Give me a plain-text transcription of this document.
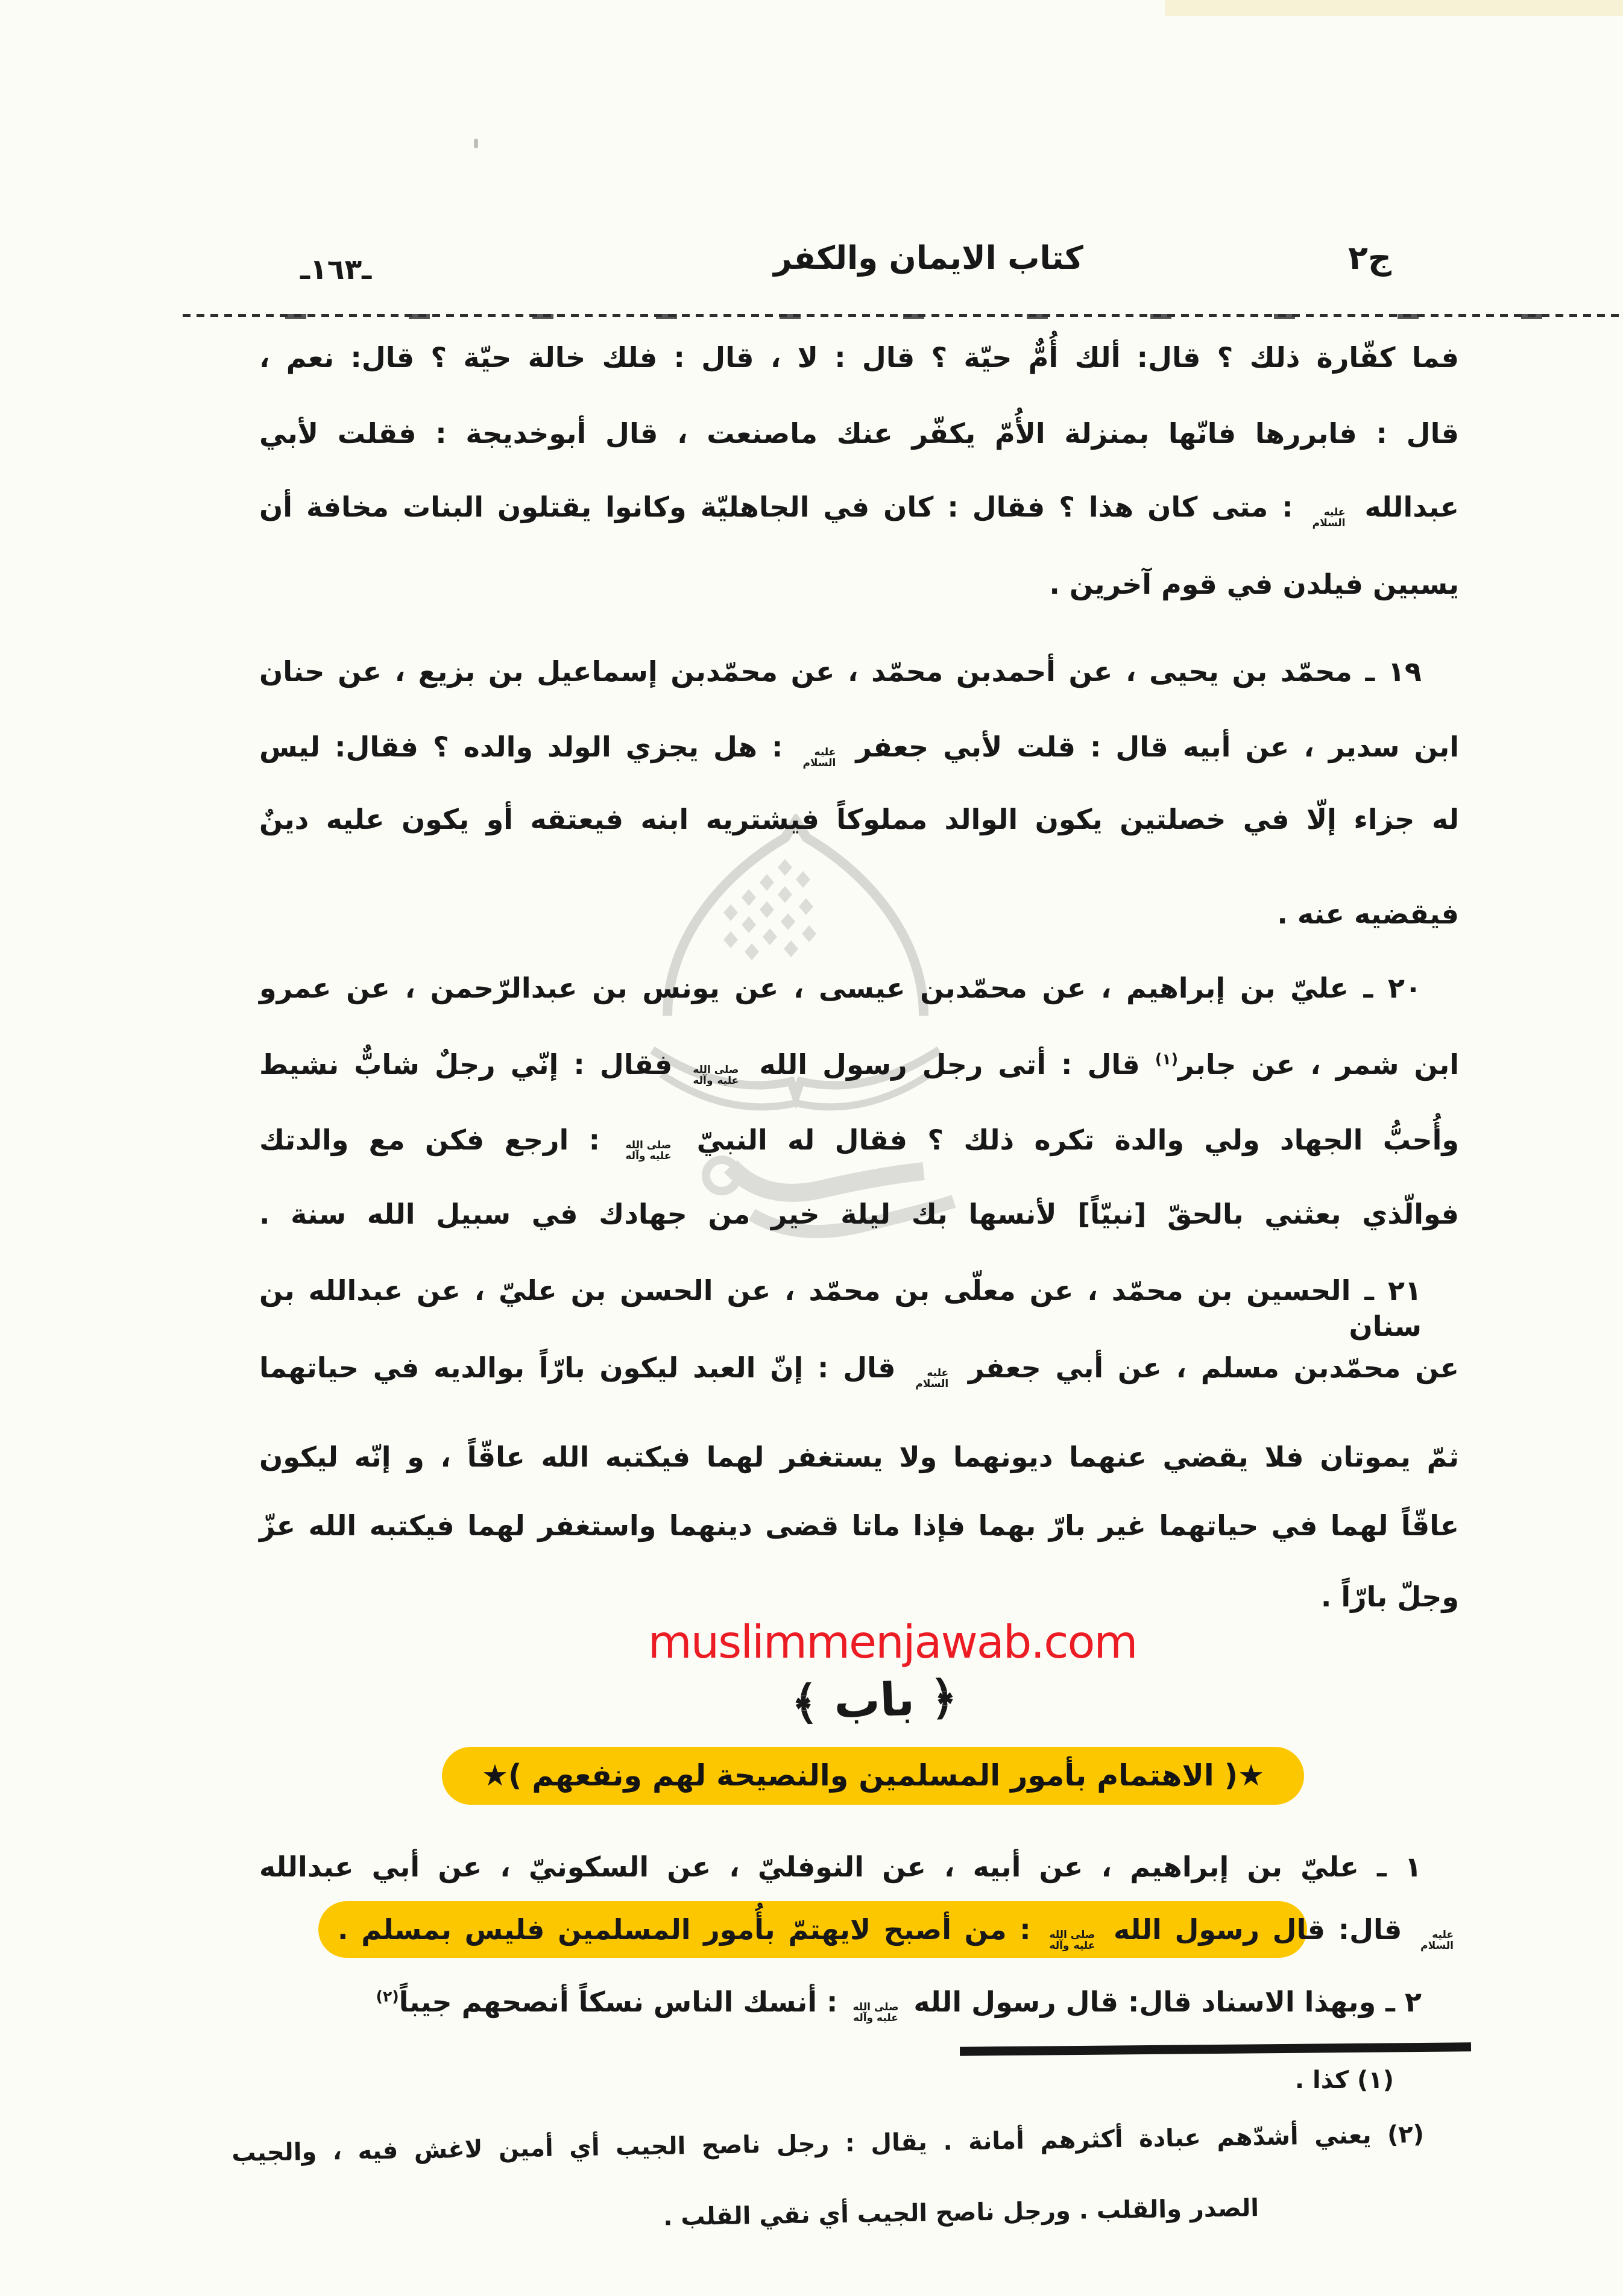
ج٢
كتاب الايمان والكفر
ـ١٦٣ـ
فما كفّارة ذلك ؟ قال: ألك أُمٌّ حيّة ؟ قال : لا ، قال : فلك خالة حيّة ؟ قال: نعم ،
قال : فابررها فانّها بمنزلة الأُمّ يكفّر عنك ماصنعت ، قال أبوخديجة : فقلت لأبي
عبدالله
عليه
السلام
: متى كان هذا ؟ فقال : كان في الجاهليّة وكانوا يقتلون البنات مخافة أن
يسبين فيلدن في قوم آخرين .
١٩ ـ محمّد بن يحيى ، عن أحمدبن محمّد ، عن محمّدبن إسماعيل بن بزيع ، عن حنان
ابن سدير ، عن أبيه قال : قلت لأبي جعفر
عليه
السلام
: هل يجزي الولد والده ؟ فقال: ليس
له جزاء إلّا في خصلتين يكون الوالد مملوكاً فيشتريه ابنه فيعتقه أو يكون عليه دينٌ
فيقضيه عنه .
٢٠ ـ عليّ بن إبراهيم ، عن محمّدبن عيسى ، عن يونس بن عبدالرّحمن ، عن عمرو
ابن شمر ، عن جابر$^{(١)}$ قال : أتى رجل رسول الله
صلى الله
عليه وآله
فقال : إنّي رجلٌ شابٌّ نشيط
وأُحبُّ الجهاد ولي والدة تكره ذلك ؟ فقال له النبيّ
صلى الله
عليه وآله
: ارجع فكن مع والدتك
فوالّذي بعثني بالحقّ [نبيّاً] لأنسها بك ليلة خير من جهادك في سبيل الله سنة .
٢١ ـ الحسين بن محمّد ، عن معلّى بن محمّد ، عن الحسن بن عليّ ، عن عبدالله بن سنان
عن محمّدبن مسلم ، عن أبي جعفر
عليه
السلام
قال : إنّ العبد ليكون بارّاً بوالديه في حياتهما
ثمّ يموتان فلا يقضي عنهما ديونهما ولا يستغفر لهما فيكتبه الله عاقّاً ، و إنّه ليكون
عاقّاً لهما في حياتهما غير بارّ بهما فإذا ماتا قضى دينهما واستغفر لهما فيكتبه الله عزّ
وجلّ بارّاً .
١ ـ عليّ بن إبراهيم ، عن أبيه ، عن النوفليّ ، عن السكونيّ ، عن أبي عبدالله
عليه
السلام
قال: قال رسول الله
صلى الله
عليه وآله
: من أصبح لايهتمّ بأُمور المسلمين فليس بمسلم .
٢ ـ وبهذا الاسناد قال: قال رسول الله
صلى الله
عليه وآله
: أنسك الناس نسكاً أنصحهم جيباً$^{(٢)}$
muslimmenjawab.com
﴿ باب ﴾
★( الاهتمام بأمور المسلمين والنصيحة لهم ونفعهم )★
(١) كذا .
(٢) يعني أشدّهم عبادة أكثرهم أمانة . يقال : رجل ناصح الجيب أي أمين لاغش فيه ، والجيب
الصدر والقلب . ورجل ناصح الجيب أي نقي القلب .
